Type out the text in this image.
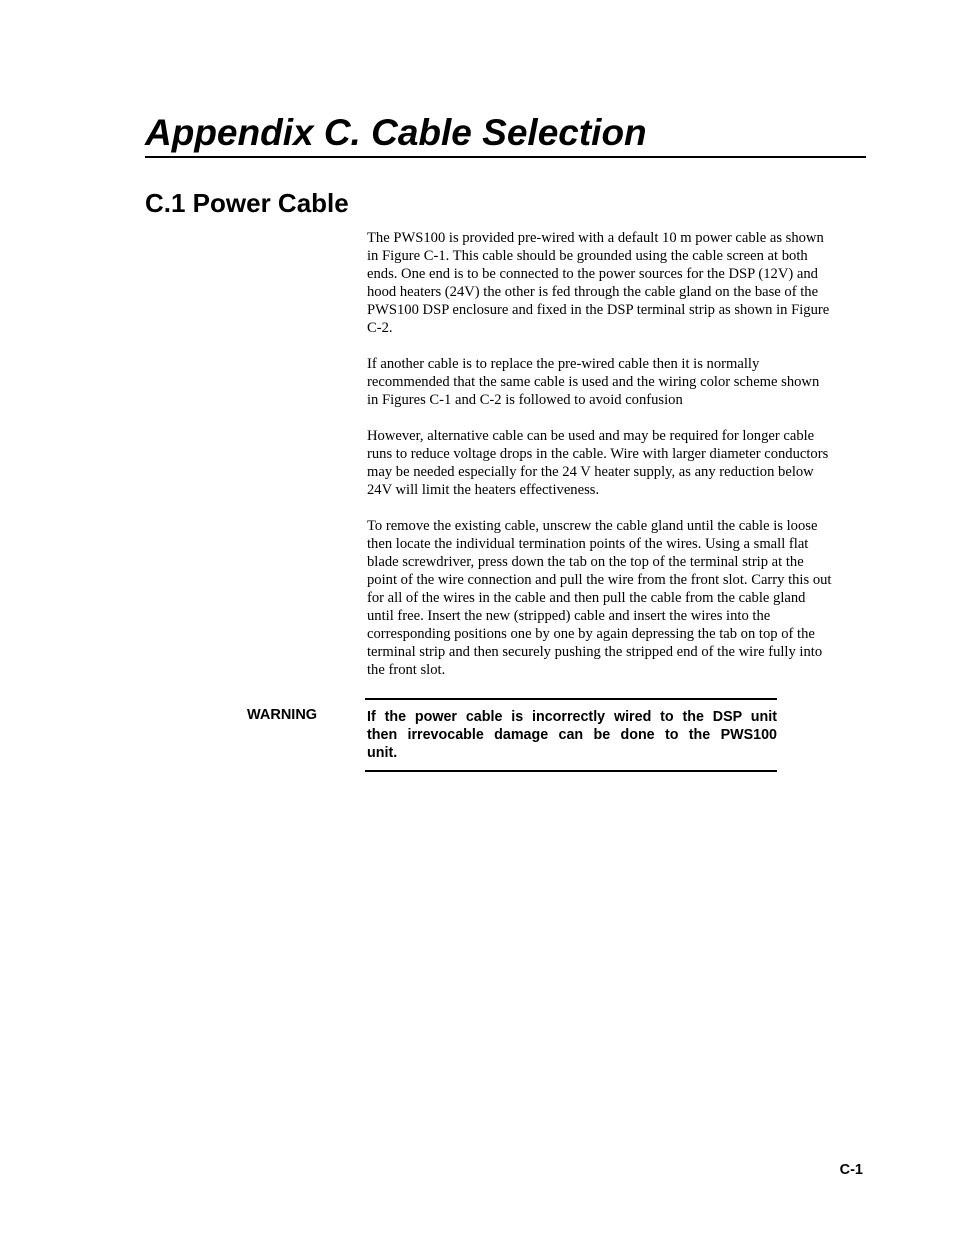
Appendix C. Cable Selection
C.1 Power Cable

The PWS100 is provided pre-wired with a default 10 m power cable as shown
in Figure C-1. This cable should be grounded using the cable screen at both
ends. One end is to be connected to the power sources for the DSP (12V) and
hood heaters (24V) the other is fed through the cable gland on the base of the
PWS100 DSP enclosure and fixed in the DSP terminal strip as shown in Figure
C-2.

If another cable is to replace the pre-wired cable then it is normally
recommended that the same cable is used and the wiring color scheme shown
in Figures C-1 and C-2 is followed to avoid confusion

However, alternative cable can be used and may be required for longer cable
runs to reduce voltage drops in the cable. Wire with larger diameter conductors
may be needed especially for the 24 V heater supply, as any reduction below
24V will limit the heaters effectiveness.

To remove the existing cable, unscrew the cable gland until the cable is loose
then locate the individual termination points of the wires. Using a small flat
blade screwdriver, press down the tab on the top of the terminal strip at the
point of the wire connection and pull the wire from the front slot. Carry this out
for all of the wires in the cable and then pull the cable from the cable gland
until free. Insert the new (stripped) cable and insert the wires into the
corresponding positions one by one by again depressing the tab on top of the
terminal strip and then securely pushing the stripped end of the wire fully into
the front slot.

WARNING	If the power cable is incorrectly wired to the DSP unit
then irrevocable damage can be done to the PWS100
unit.
C-1
